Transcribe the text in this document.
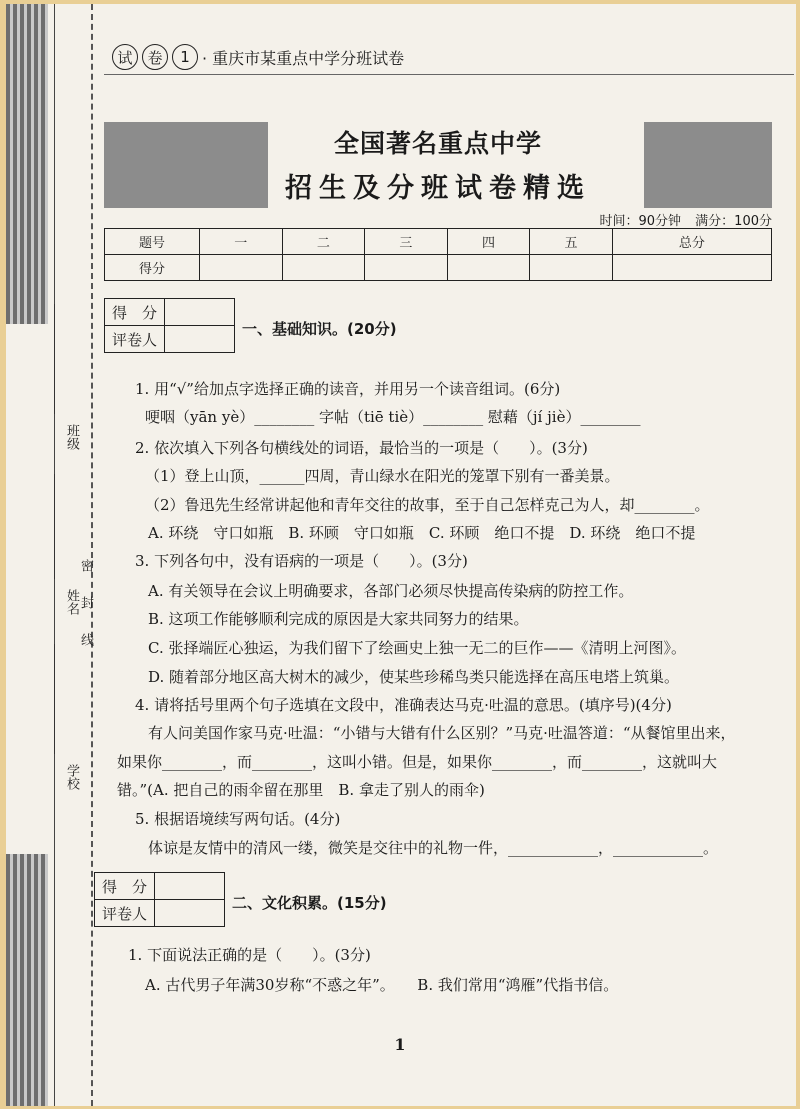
班级
姓名
学校
密 封 线
试 卷	1 · 重庆市某重点中学分班试卷
全国著名重点中学
招生及分班试卷精选
时间：90分钟 满分：100分
题号	一	二	三	四	五	总分
得分						
得　分	
评卷人	
一、基础知识。(20分)
1. 用“√”给加点字选择正确的读音，并用另一个读音组词。(6分)
哽咽（yān yè）________ 字帖（tiē tiè）________ 慰藉（jí jiè）________
2. 依次填入下列各句横线处的词语，最恰当的一项是（　　）。(3分)
（1）登上山顶，______四周，青山绿水在阳光的笼罩下别有一番美景。
（2）鲁迅先生经常讲起他和青年交往的故事，至于自己怎样克己为人，却________。
A. 环绕　守口如瓶　B. 环顾　守口如瓶　C. 环顾　绝口不提　D. 环绕　绝口不提
3. 下列各句中，没有语病的一项是（　　）。(3分)
A. 有关领导在会议上明确要求，各部门必须尽快提高传染病的防控工作。
B. 这项工作能够顺利完成的原因是大家共同努力的结果。
C. 张择端匠心独运，为我们留下了绘画史上独一无二的巨作——《清明上河图》。
D. 随着部分地区高大树木的减少，使某些珍稀鸟类只能选择在高压电塔上筑巢。
4. 请将括号里两个句子选填在文段中，准确表达马克·吐温的意思。(填序号)(4分)
有人问美国作家马克·吐温：“小错与大错有什么区别？”马克·吐温答道：“从餐馆里出来，
如果你________，而________，这叫小错。但是，如果你________，而________，这就叫大
错。”(A. 把自己的雨伞留在那里　B. 拿走了别人的雨伞)
5. 根据语境续写两句话。(4分)
体谅是友情中的清风一缕，微笑是交往中的礼物一件，____________，____________。
得　分	
评卷人	
二、文化积累。(15分)
1. 下面说法正确的是（　　）。(3分)
A. 古代男子年满30岁称“不惑之年”。　　B. 我们常用“鸿雁”代指书信。
1
